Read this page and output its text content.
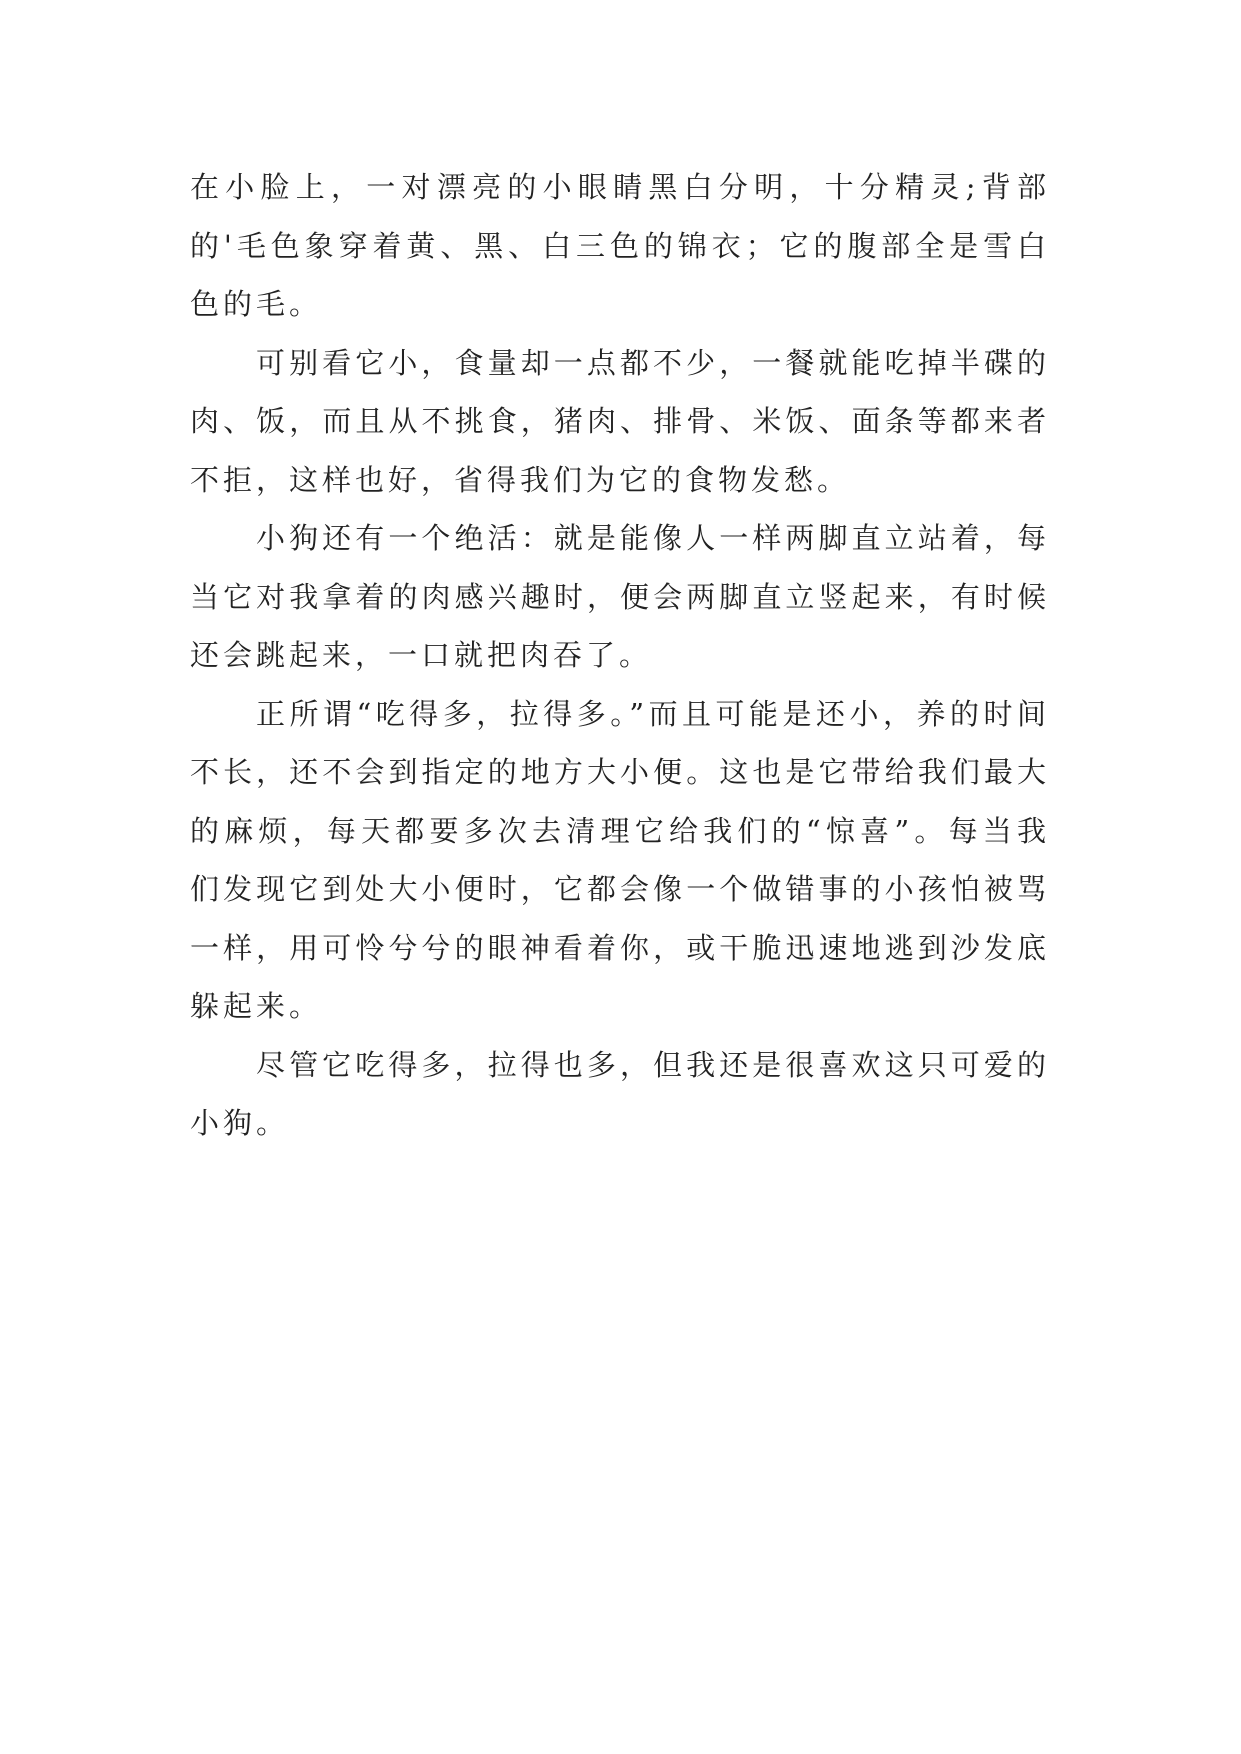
在小脸上，一对漂亮的小眼睛黑白分明，十分精灵;背部的'毛色象穿着黄、黑、白三色的锦衣；它的腹部全是雪白色的毛。

可别看它小，食量却一点都不少，一餐就能吃掉半碟的肉、饭，而且从不挑食，猪肉、排骨、米饭、面条等都来者不拒，这样也好，省得我们为它的食物发愁。

小狗还有一个绝活：就是能像人一样两脚直立站着，每当它对我拿着的肉感兴趣时，便会两脚直立竖起来，有时候还会跳起来，一口就把肉吞了。

正所谓“吃得多，拉得多。”而且可能是还小，养的时间不长，还不会到指定的地方大小便。这也是它带给我们最大的麻烦，每天都要多次去清理它给我们的“惊喜”。每当我们发现它到处大小便时，它都会像一个做错事的小孩怕被骂一样，用可怜兮兮的眼神看着你，或干脆迅速地逃到沙发底躲起来。

尽管它吃得多，拉得也多，但我还是很喜欢这只可爱的小狗。
